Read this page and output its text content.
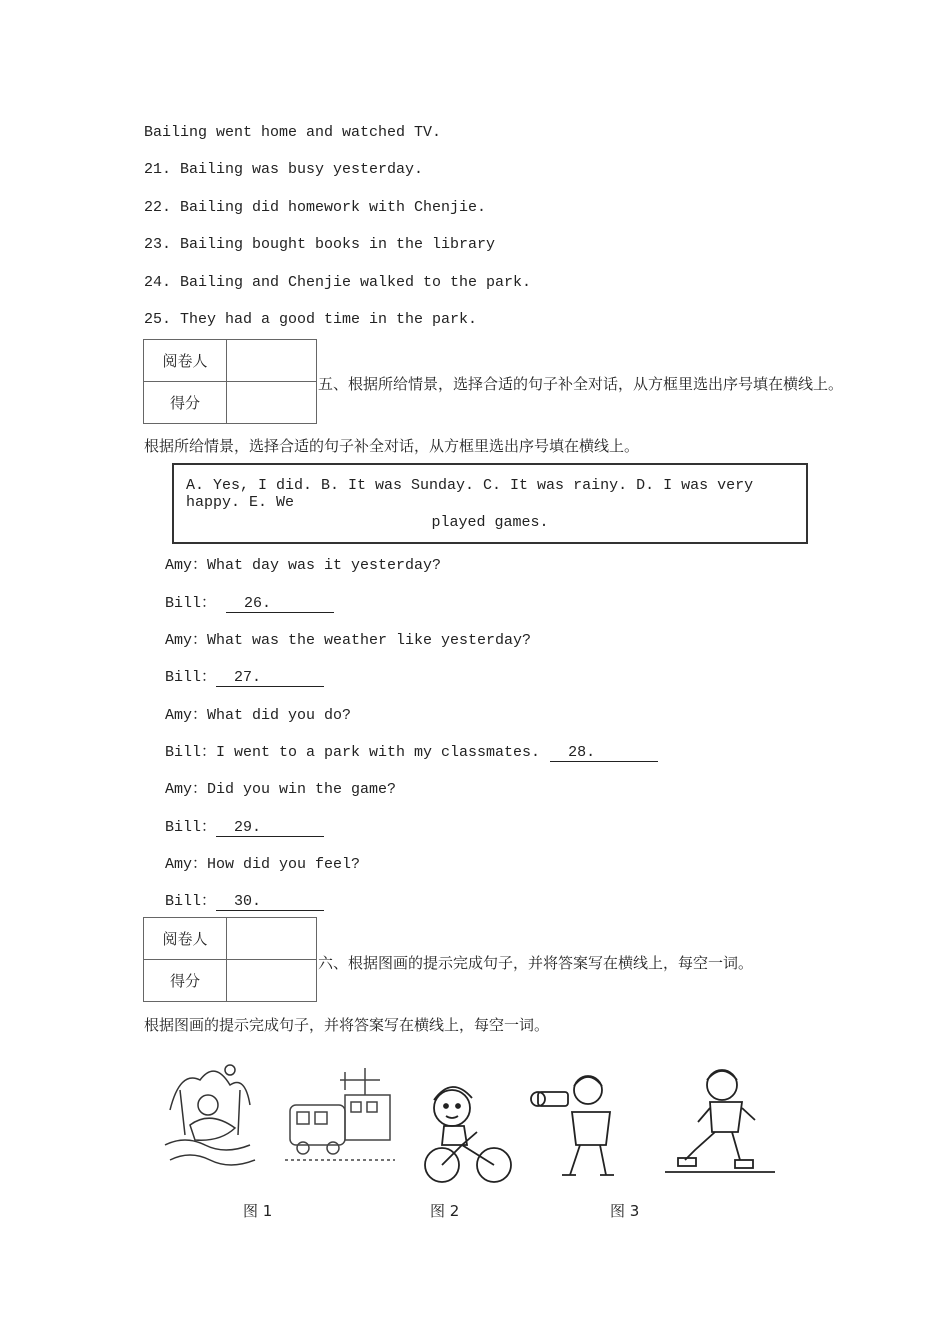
Bailing went home and watched TV.
21. Bailing was busy yesterday.
22. Bailing did homework with Chenjie.
23. Bailing bought books in the library
24. Bailing and Chenjie walked to the park.
25. They had a good time in the park.
阅卷人	
得分	
五、根据所给情景，选择合适的句子补全对话，从方框里选出序号填在横线上。
根据所给情景，选择合适的句子补全对话，从方框里选出序号填在横线上。
A. Yes, I did. B. It was Sunday. C. It was rainy. D. I was very happy. E. We
played games.
Amy：What day was it yesterday?
Bill： 26.
Amy：What was the weather like yesterday?
Bill： 27.
Amy：What did you do?
Bill：I went to a park with my classmates. 28.
Amy：Did you win the game?
Bill： 29.
Amy：How did you feel?
Bill： 30.
阅卷人	
得分	
六、根据图画的提示完成句子，并将答案写在横线上，每空一词。
根据图画的提示完成句子，并将答案写在横线上，每空一词。
图 1	图 2	图 3
